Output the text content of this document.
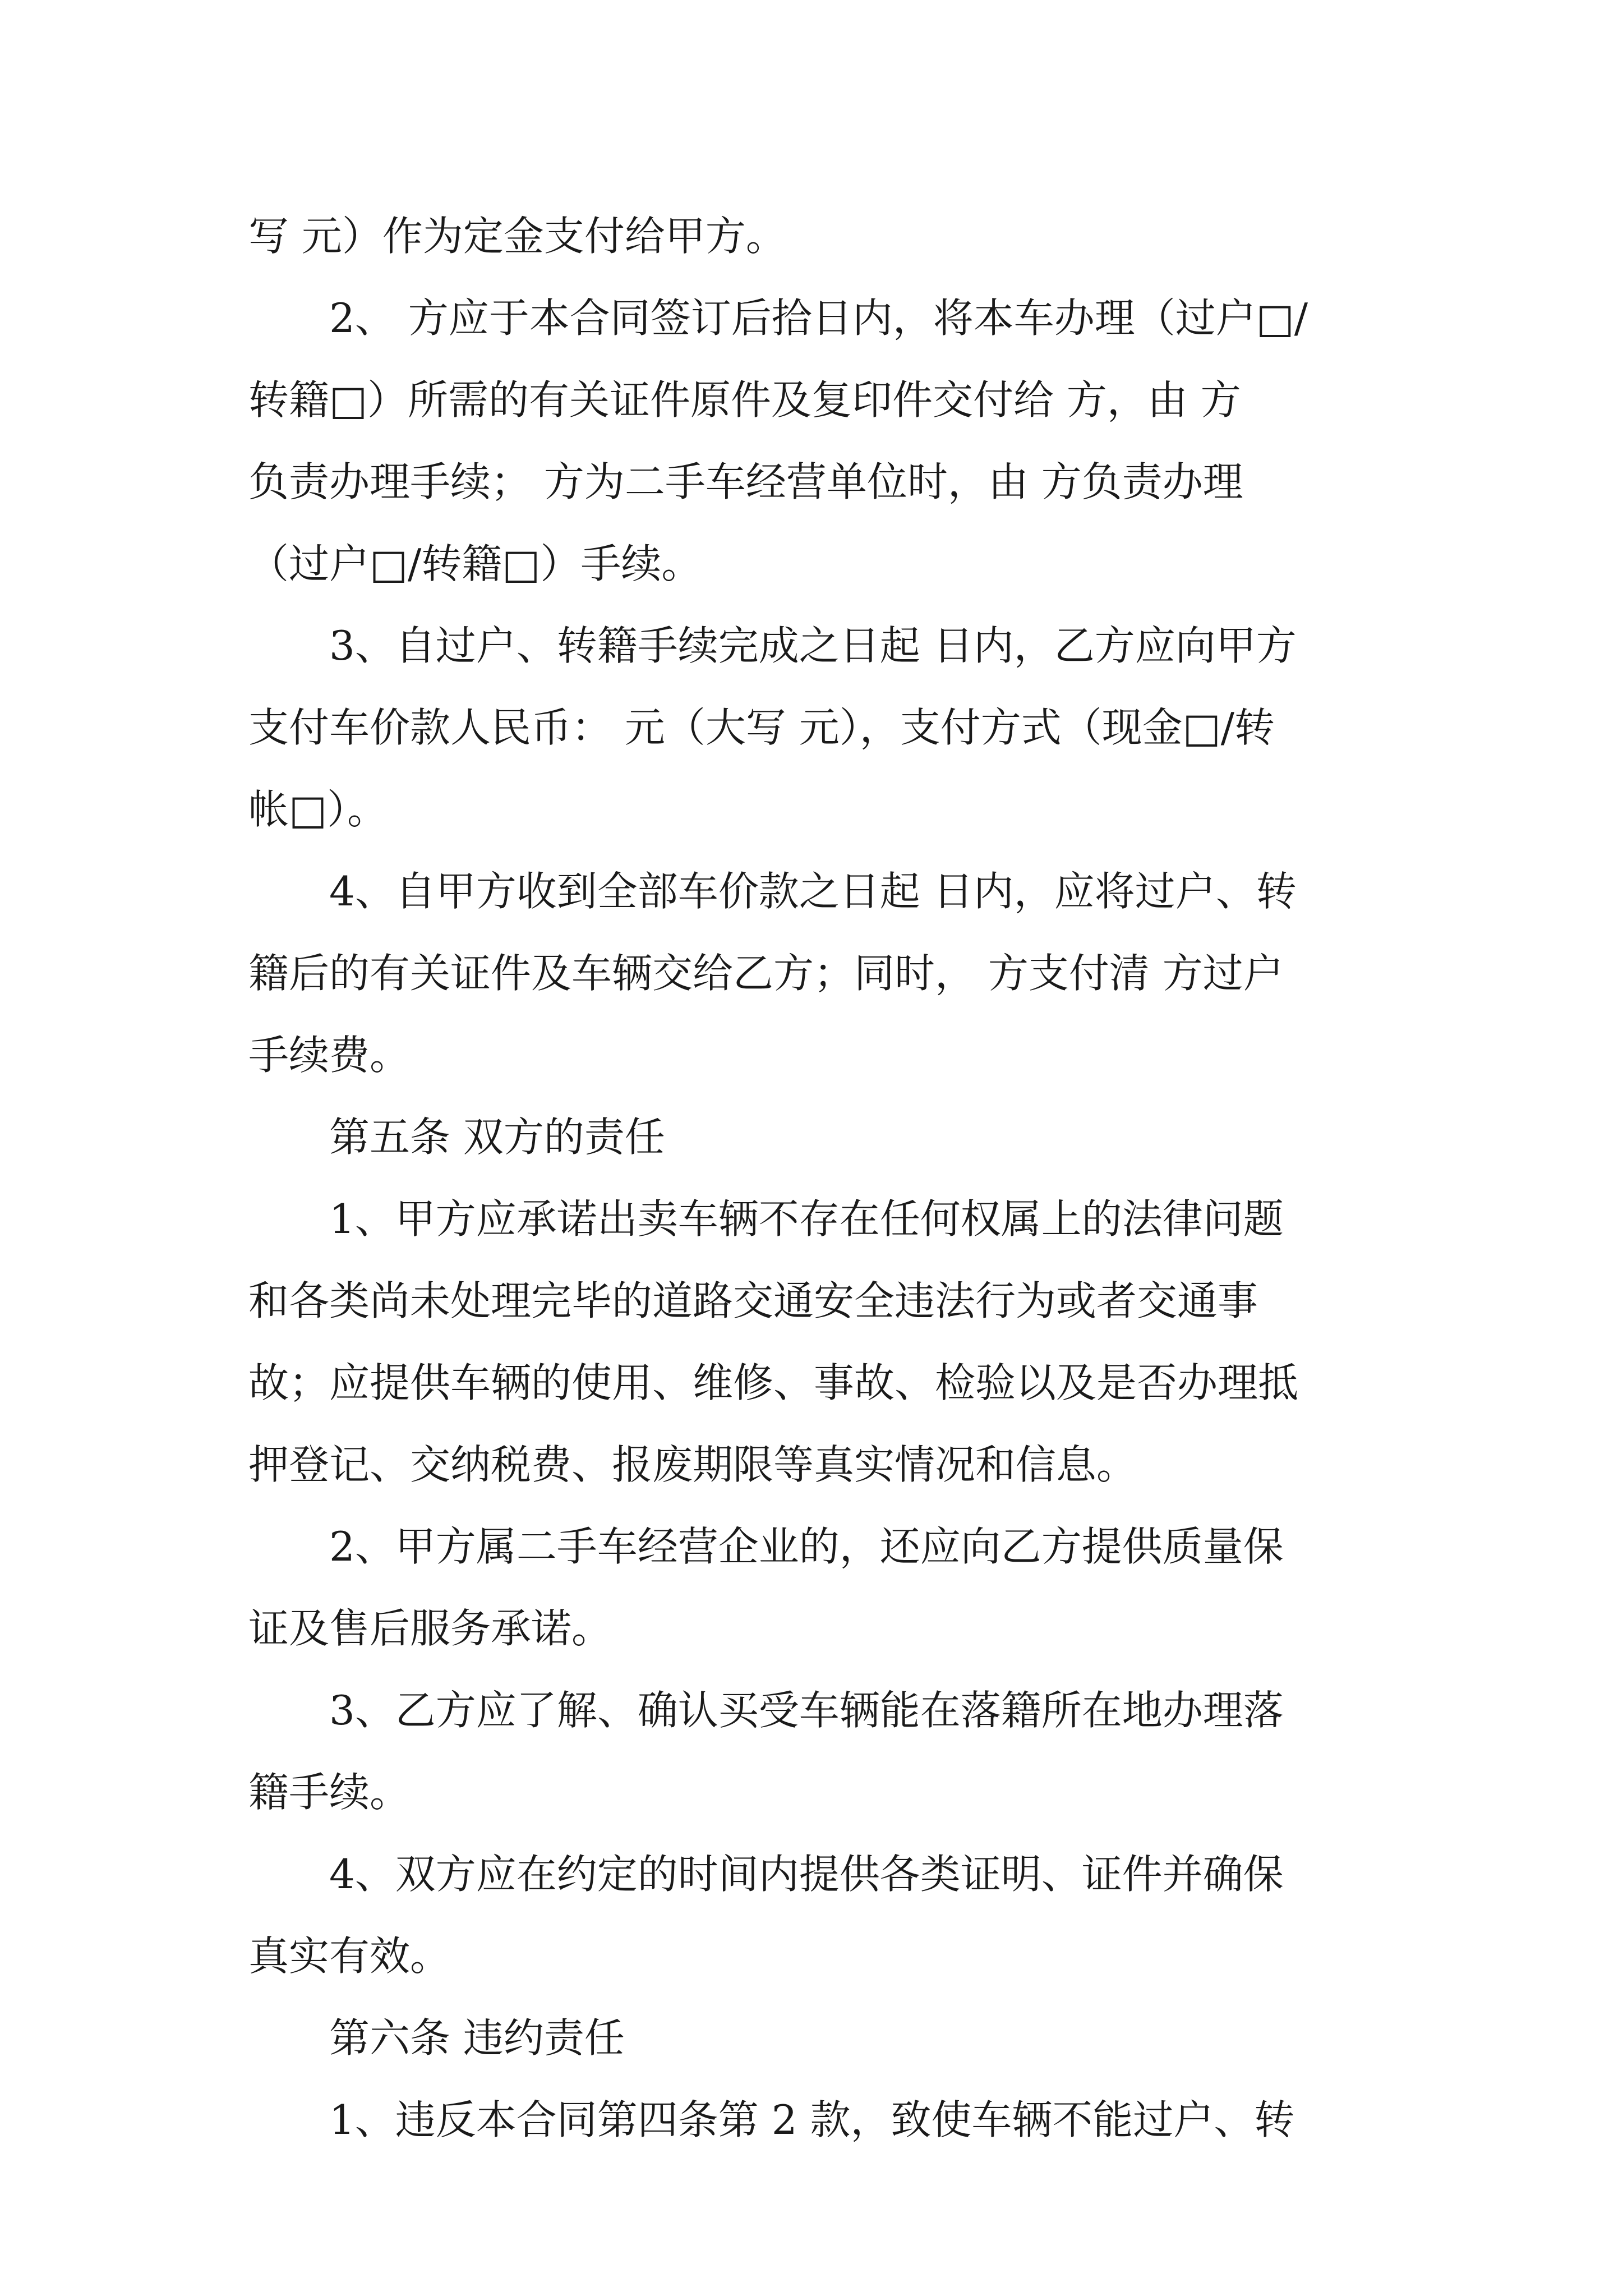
写 元）作为定金支付给甲方。

　　2、 方应于本合同签订后拾日内，将本车办理（过户□/

转籍□）所需的有关证件原件及复印件交付给 方，由 方

负责办理手续； 方为二手车经营单位时，由 方负责办理

（过户□/转籍□）手续。

　　3、自过户、转籍手续完成之日起 日内，乙方应向甲方

支付车价款人民币： 元（大写 元），支付方式（现金□/转

帐□）。

　　4、自甲方收到全部车价款之日起 日内，应将过户、转

籍后的有关证件及车辆交给乙方；同时， 方支付清 方过户

手续费。

　　第五条 双方的责任

　　1、甲方应承诺出卖车辆不存在任何权属上的法律问题

和各类尚未处理完毕的道路交通安全违法行为或者交通事

故；应提供车辆的使用、维修、事故、检验以及是否办理抵

押登记、交纳税费、报废期限等真实情况和信息。

　　2、甲方属二手车经营企业的，还应向乙方提供质量保

证及售后服务承诺。

　　3、乙方应了解、确认买受车辆能在落籍所在地办理落

籍手续。

　　4、双方应在约定的时间内提供各类证明、证件并确保

真实有效。

　　第六条 违约责任

　　1、违反本合同第四条第 2 款，致使车辆不能过户、转
